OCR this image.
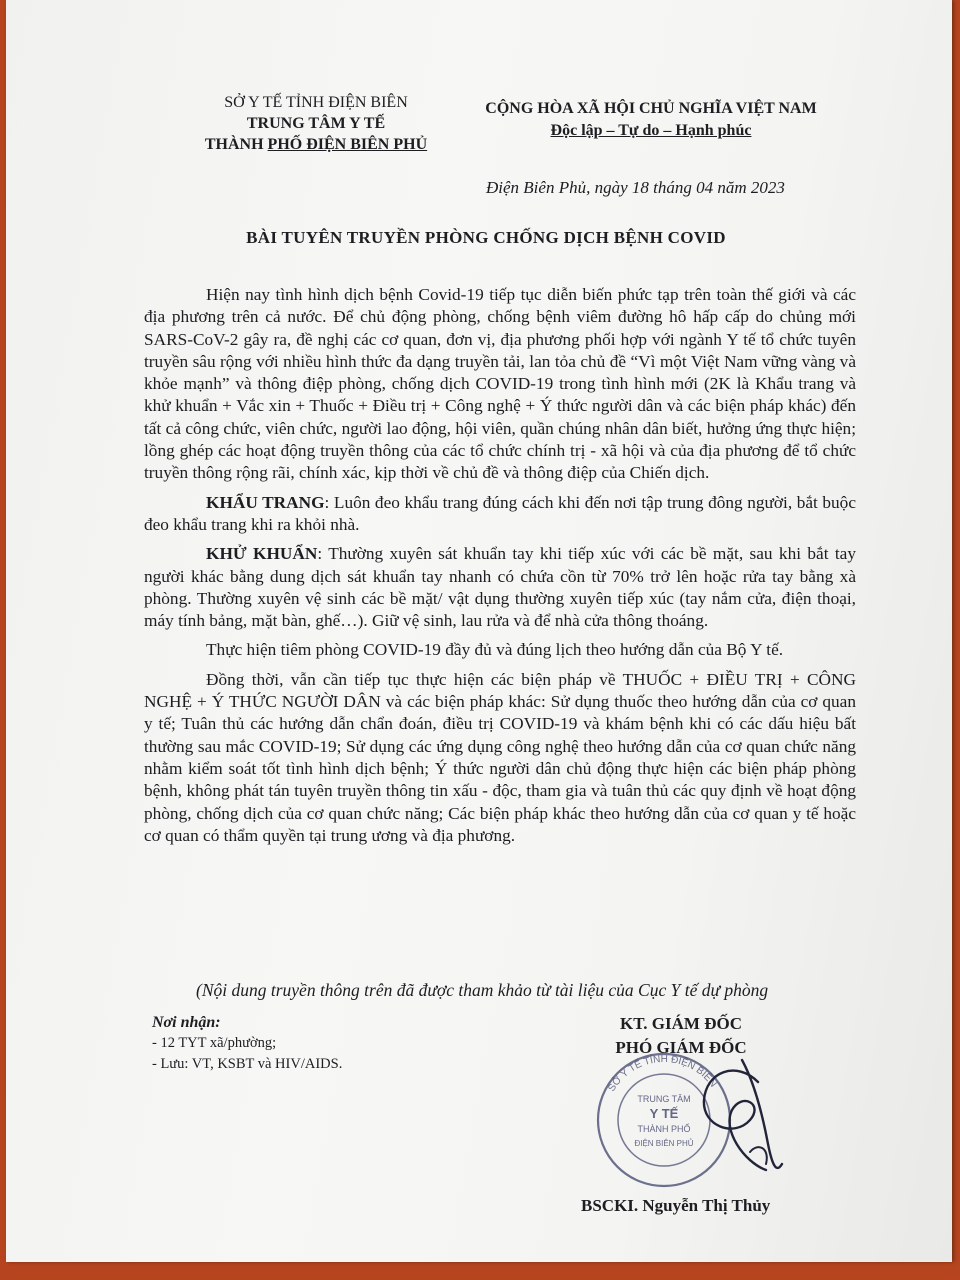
SỞ Y TẾ TỈNH ĐIỆN BIÊN
TRUNG TÂM Y TẾ
THÀNH PHỐ ĐIỆN BIÊN PHỦ
CỘNG HÒA XÃ HỘI CHỦ NGHĨA VIỆT NAM
Độc lập – Tự do – Hạnh phúc
Điện Biên Phủ, ngày 18 tháng 04 năm 2023
BÀI TUYÊN TRUYỀN PHÒNG CHỐNG DỊCH BỆNH COVID

Hiện nay tình hình dịch bệnh Covid-19 tiếp tục diễn biến phức tạp trên toàn thế giới và các địa phương trên cả nước. Để chủ động phòng, chống bệnh viêm đường hô hấp cấp do chủng mới SARS-CoV-2 gây ra, đề nghị các cơ quan, đơn vị, địa phương phối hợp với ngành Y tế tổ chức tuyên truyền sâu rộng với nhiều hình thức đa dạng truyền tải, lan tỏa chủ đề “Vì một Việt Nam vững vàng và khỏe mạnh” và thông điệp phòng, chống dịch COVID-19 trong tình hình mới (2K là Khẩu trang và khử khuẩn + Vắc xin + Thuốc + Điều trị + Công nghệ + Ý thức người dân và các biện pháp khác) đến tất cả công chức, viên chức, người lao động, hội viên, quần chúng nhân dân biết, hưởng ứng thực hiện; lồng ghép các hoạt động truyền thông của các tổ chức chính trị - xã hội và của địa phương để tổ chức truyền thông rộng rãi, chính xác, kịp thời về chủ đề và thông điệp của Chiến dịch.

KHẨU TRANG: Luôn đeo khẩu trang đúng cách khi đến nơi tập trung đông người, bắt buộc đeo khẩu trang khi ra khỏi nhà.

KHỬ KHUẨN: Thường xuyên sát khuẩn tay khi tiếp xúc với các bề mặt, sau khi bắt tay người khác bằng dung dịch sát khuẩn tay nhanh có chứa cồn từ 70% trở lên hoặc rửa tay bằng xà phòng. Thường xuyên vệ sinh các bề mặt/ vật dụng thường xuyên tiếp xúc (tay nắm cửa, điện thoại, máy tính bảng, mặt bàn, ghế…). Giữ vệ sinh, lau rửa và để nhà cửa thông thoáng.

Thực hiện tiêm phòng COVID-19 đầy đủ và đúng lịch theo hướng dẫn của Bộ Y tế.

Đồng thời, vẫn cần tiếp tục thực hiện các biện pháp về THUỐC + ĐIỀU TRỊ + CÔNG NGHỆ + Ý THỨC NGƯỜI DÂN và các biện pháp khác: Sử dụng thuốc theo hướng dẫn của cơ quan y tế; Tuân thủ các hướng dẫn chẩn đoán, điều trị COVID-19 và khám bệnh khi có các dấu hiệu bất thường sau mắc COVID-19; Sử dụng các ứng dụng công nghệ theo hướng dẫn của cơ quan chức năng nhằm kiểm soát tốt tình hình dịch bệnh; Ý thức người dân chủ động thực hiện các biện pháp phòng bệnh, không phát tán tuyên truyền thông tin xấu - độc, tham gia và tuân thủ các quy định về hoạt động phòng, chống dịch của cơ quan chức năng; Các biện pháp khác theo hướng dẫn của cơ quan y tế hoặc cơ quan có thẩm quyền tại trung ương và địa phương.

(Nội dung truyền thông trên đã được tham khảo từ tài liệu của Cục Y tế dự phòng
Nơi nhận:
- 12 TYT xã/phường;
- Lưu: VT, KSBT và HIV/AIDS.
KT. GIÁM ĐỐC
PHÓ GIÁM ĐỐC
SỞ Y TẾ TỈNH ĐIỆN BIÊN
TRUNG TÂM
Y TẾ
THÀNH PHỐ
ĐIỆN BIÊN PHỦ
BSCKI. Nguyễn Thị Thủy
